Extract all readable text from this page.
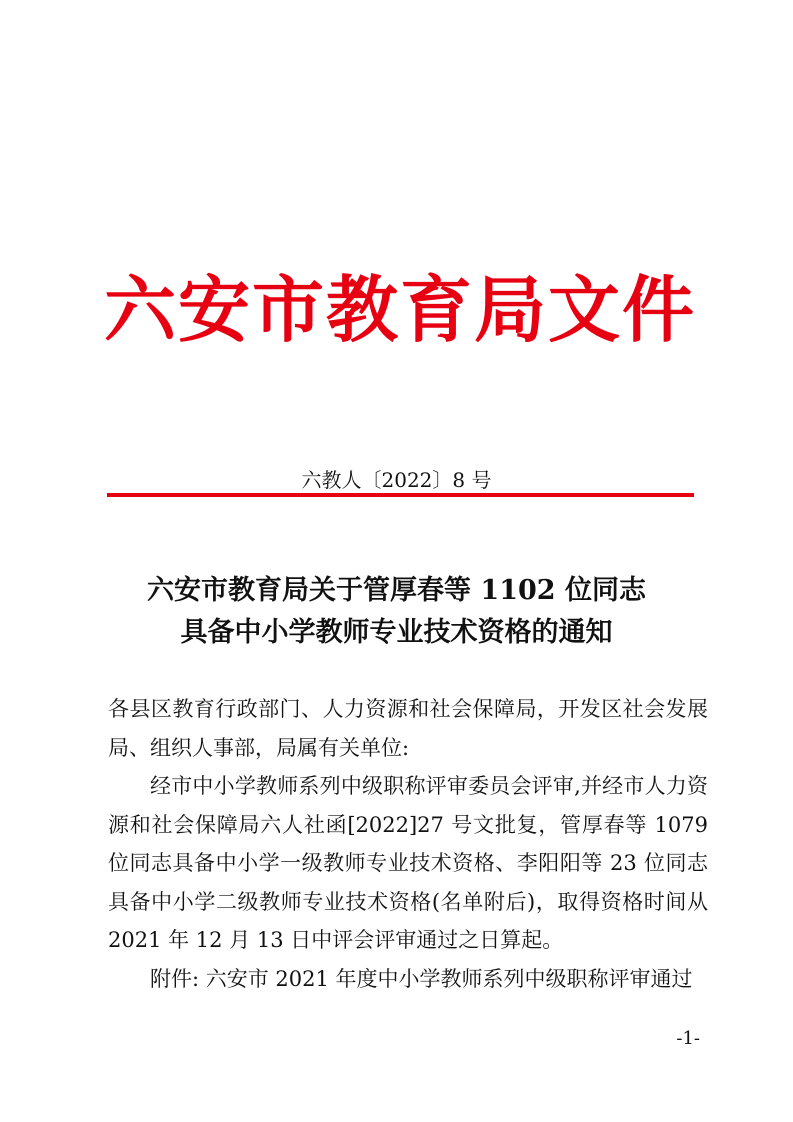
六安市教育局文件
六教人〔2022〕8 号
六安市教育局关于管厚春等 1102 位同志
具备中小学教师专业技术资格的通知

各县区教育行政部门、人力资源和社会保障局，开发区社会发展局、组织人事部，局属有关单位:

经市中小学教师系列中级职称评审委员会评审,并经市人力资源和社会保障局六人社函[2022]27 号文批复，管厚春等 1079 位同志具备中小学一级教师专业技术资格、李阳阳等 23 位同志具备中小学二级教师专业技术资格(名单附后)，取得资格时间从 2021 年 12 月 13 日中评会评审通过之日算起。

附件: 六安市 2021 年度中小学教师系列中级职称评审通过

-1-
